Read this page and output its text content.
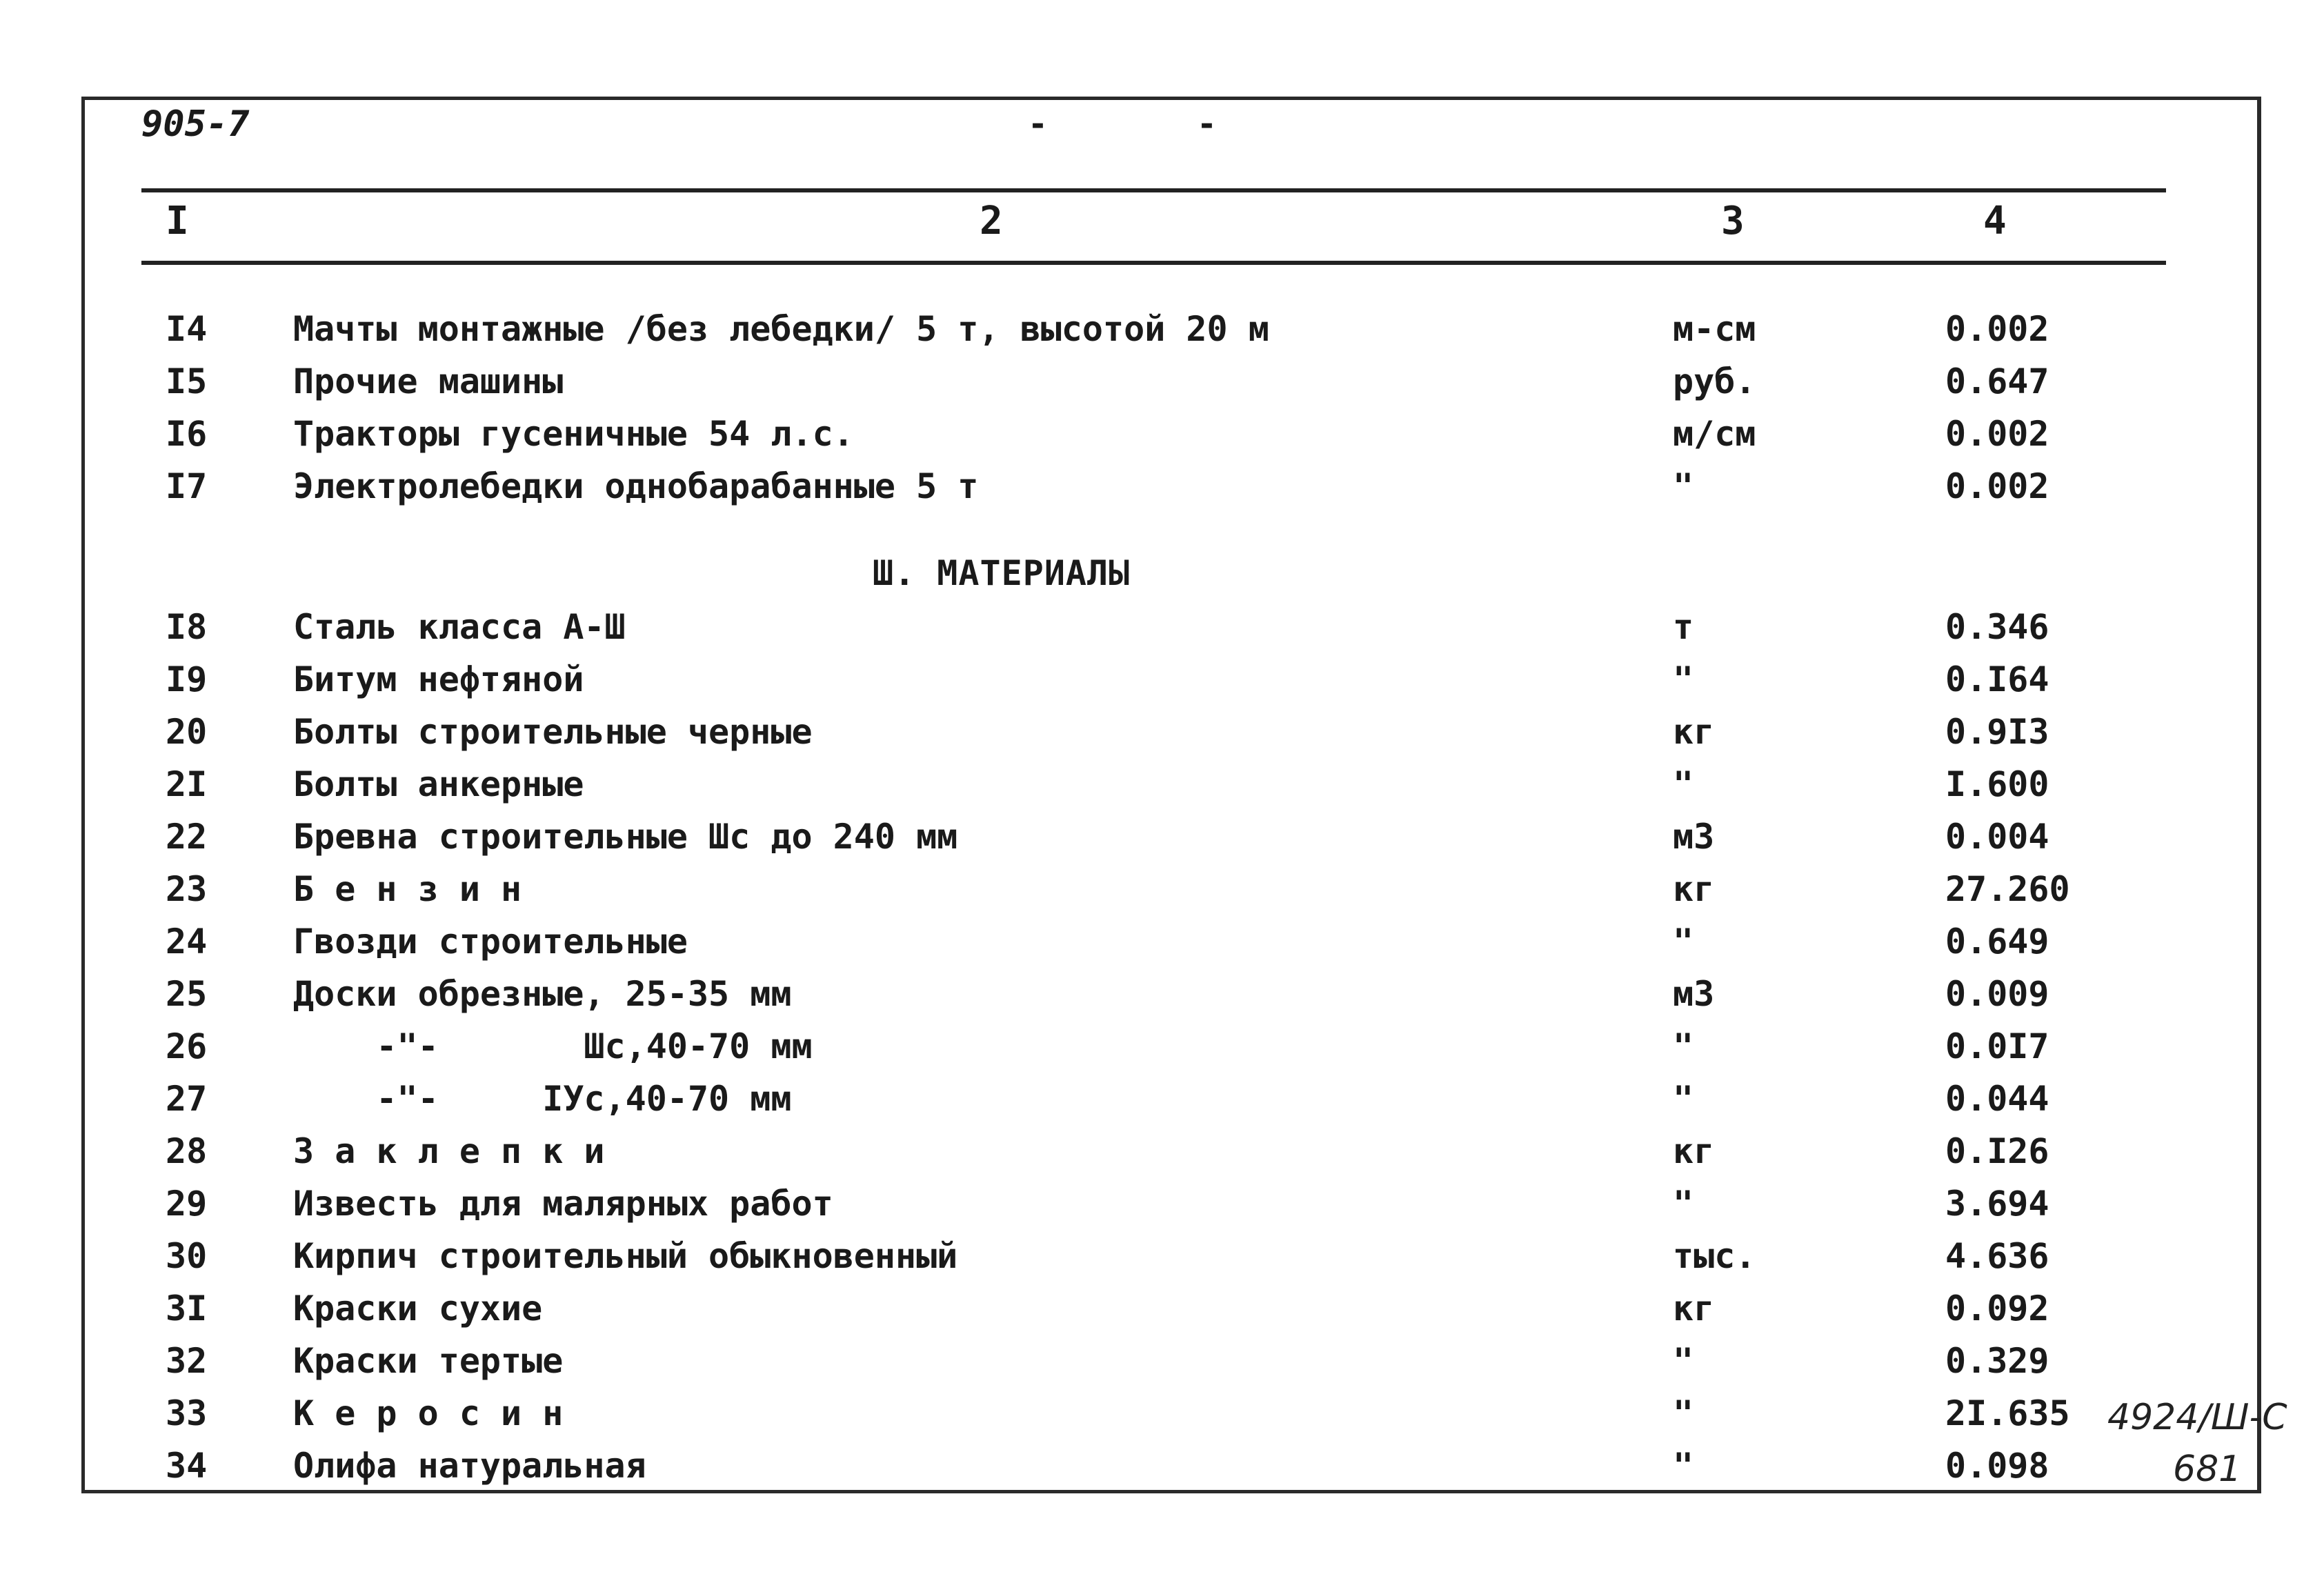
905-7	-	-
I	2	3	4
I4 Мачты монтажные /без лебедки/ 5 т, высотой 20 м	м-см	0.002
I5 Прочие машины	руб.	0.647
I6 Тракторы гусеничные 54 л.с.	м/см	0.002
I7 Электролебедки однобарабанные 5 т	"	0.002
Ш. МАТЕРИАЛЫ
I8 Сталь класса А-Ш	т	0.346
I9 Битум нефтяной	"	0.I64
20 Болты строительные черные	кг	0.9I3
2I Болты анкерные	"	I.600
22 Бревна строительные Шс до 240 мм	м3	0.004
23 Б е н з и н	кг	27.260
24 Гвозди строительные	"	0.649
25 Доски обрезные, 25-35 мм	м3	0.009
26 -"-       Шс,40-70 мм	"	0.0I7
27 -"-     IУс,40-70 мм	"	0.044
28 З а к л е п к и	кг	0.I26
29 Известь для малярных работ	"	3.694
30 Кирпич строительный обыкновенный	тыс.	4.636
3I Краски сухие	кг	0.092
32 Краски тертые	"	0.329
33 К е р о с и н	"	2I.635
34 Олифа натуральная	"	0.098
4924/Ш-С
681
